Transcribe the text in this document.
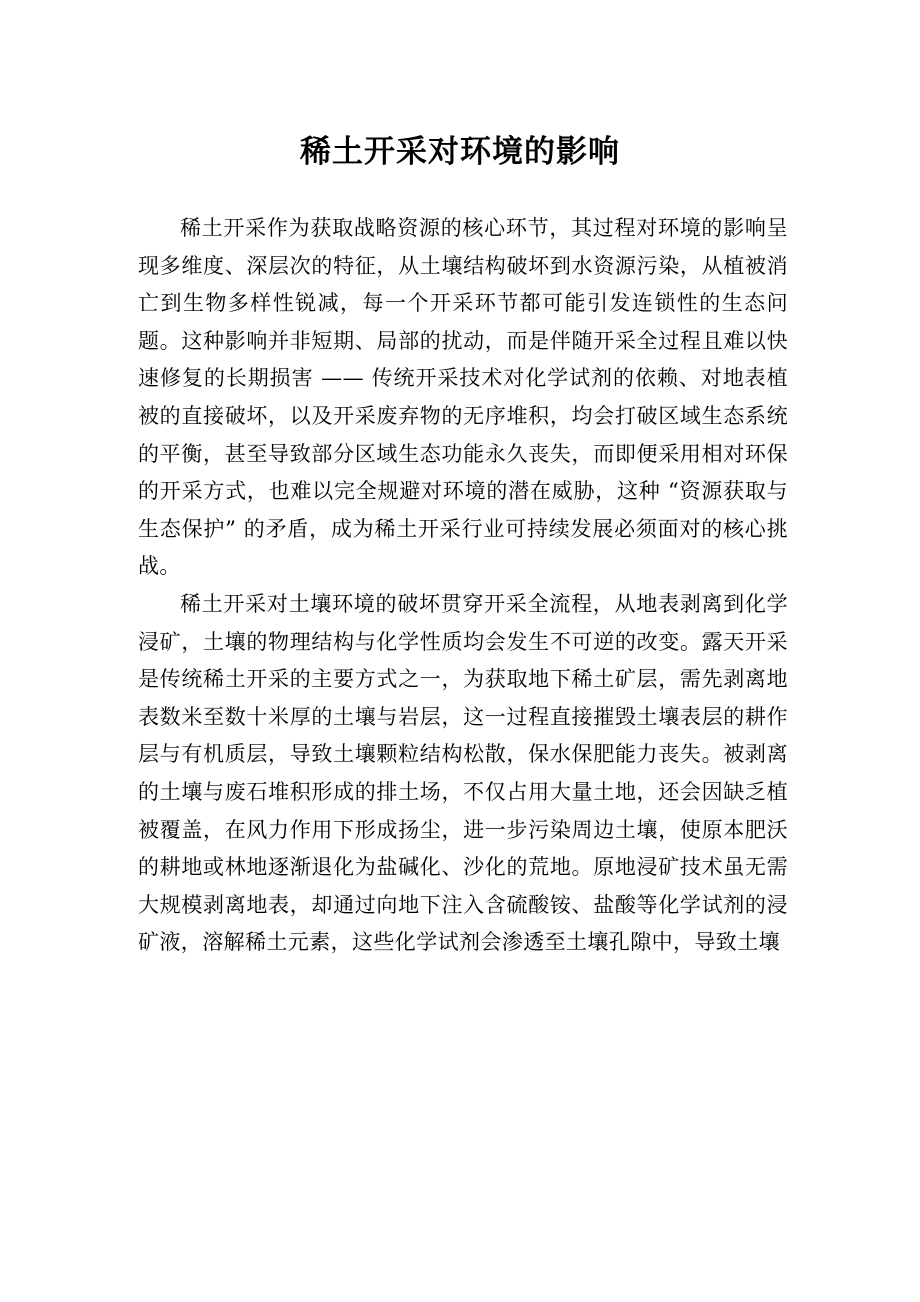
稀土开采对环境的影响

稀土开采作为获取战略资源的核心环节，其过程对环境的影响呈现多维度、深层次的特征，从土壤结构破坏到水资源污染，从植被消亡到生物多样性锐减，每一个开采环节都可能引发连锁性的生态问题。这种影响并非短期、局部的扰动，而是伴随开采全过程且难以快速修复的长期损害 —— 传统开采技术对化学试剂的依赖、对地表植被的直接破坏，以及开采废弃物的无序堆积，均会打破区域生态系统的平衡，甚至导致部分区域生态功能永久丧失，而即便采用相对环保的开采方式，也难以完全规避对环境的潜在威胁，这种 “资源获取与生态保护” 的矛盾，成为稀土开采行业可持续发展必须面对的核心挑战。

稀土开采对土壤环境的破坏贯穿开采全流程，从地表剥离到化学浸矿，土壤的物理结构与化学性质均会发生不可逆的改变。露天开采是传统稀土开采的主要方式之一，为获取地下稀土矿层，需先剥离地表数米至数十米厚的土壤与岩层，这一过程直接摧毁土壤表层的耕作层与有机质层，导致土壤颗粒结构松散，保水保肥能力丧失。被剥离的土壤与废石堆积形成的排土场，不仅占用大量土地，还会因缺乏植被覆盖，在风力作用下形成扬尘，进一步污染周边土壤，使原本肥沃的耕地或林地逐渐退化为盐碱化、沙化的荒地。原地浸矿技术虽无需大规模剥离地表，却通过向地下注入含硫酸铵、盐酸等化学试剂的浸矿液，溶解稀土元素，这些化学试剂会渗透至土壤孔隙中，导致土壤
